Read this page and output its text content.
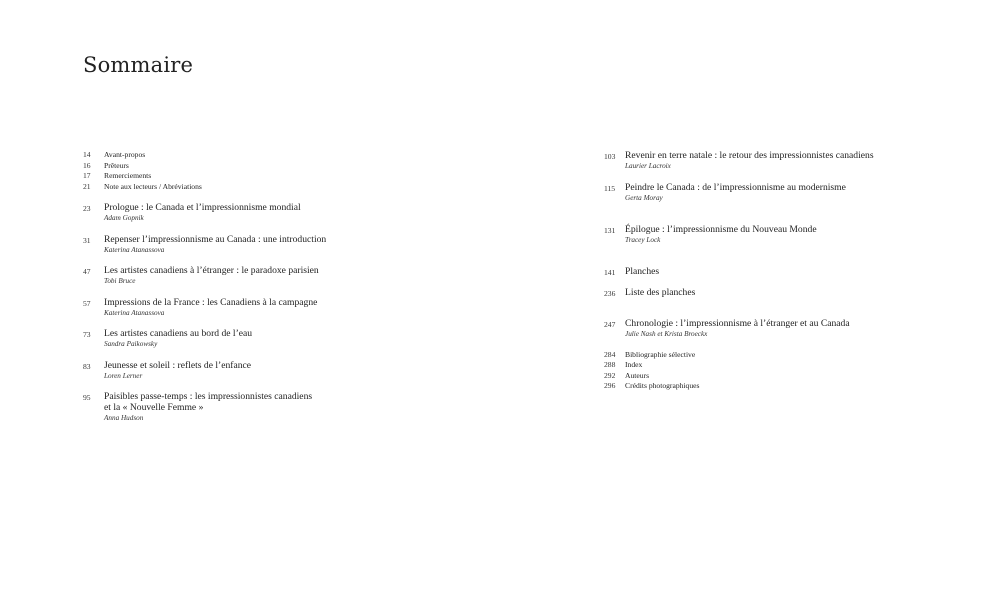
Sommaire
14	Avant-propos
16	Prêteurs
17	Remerciements
21	Note aux lecteurs / Abréviations
23	Prologue : le Canada et l’impressionnisme mondial
Adam Gopnik
31	Repenser l’impressionnisme au Canada : une introduction
Katerina Atanassova
47	Les artistes canadiens à l’étranger : le paradoxe parisien
Tobi Bruce
57	Impressions de la France : les Canadiens à la campagne
Katerina Atanassova
73	Les artistes canadiens au bord de l’eau
Sandra Paikowsky
83	Jeunesse et soleil : reflets de l’enfance
Loren Lerner
95	Paisibles passe-temps : les impressionnistes canadiens
et la « Nouvelle Femme »
Anna Hudson
103	Revenir en terre natale : le retour des impressionnistes canadiens
Laurier Lacroix
115	Peindre le Canada : de l’impressionnisme au modernisme
Gerta Moray
131	Épilogue : l’impressionnisme du Nouveau Monde
Tracey Lock
141	Planches
236	Liste des planches
247	Chronologie : l’impressionnisme à l’étranger et au Canada
Julie Nash et Krista Broeckx
284	Bibliographie sélective
288	Index
292	Auteurs
296	Crédits photographiques
